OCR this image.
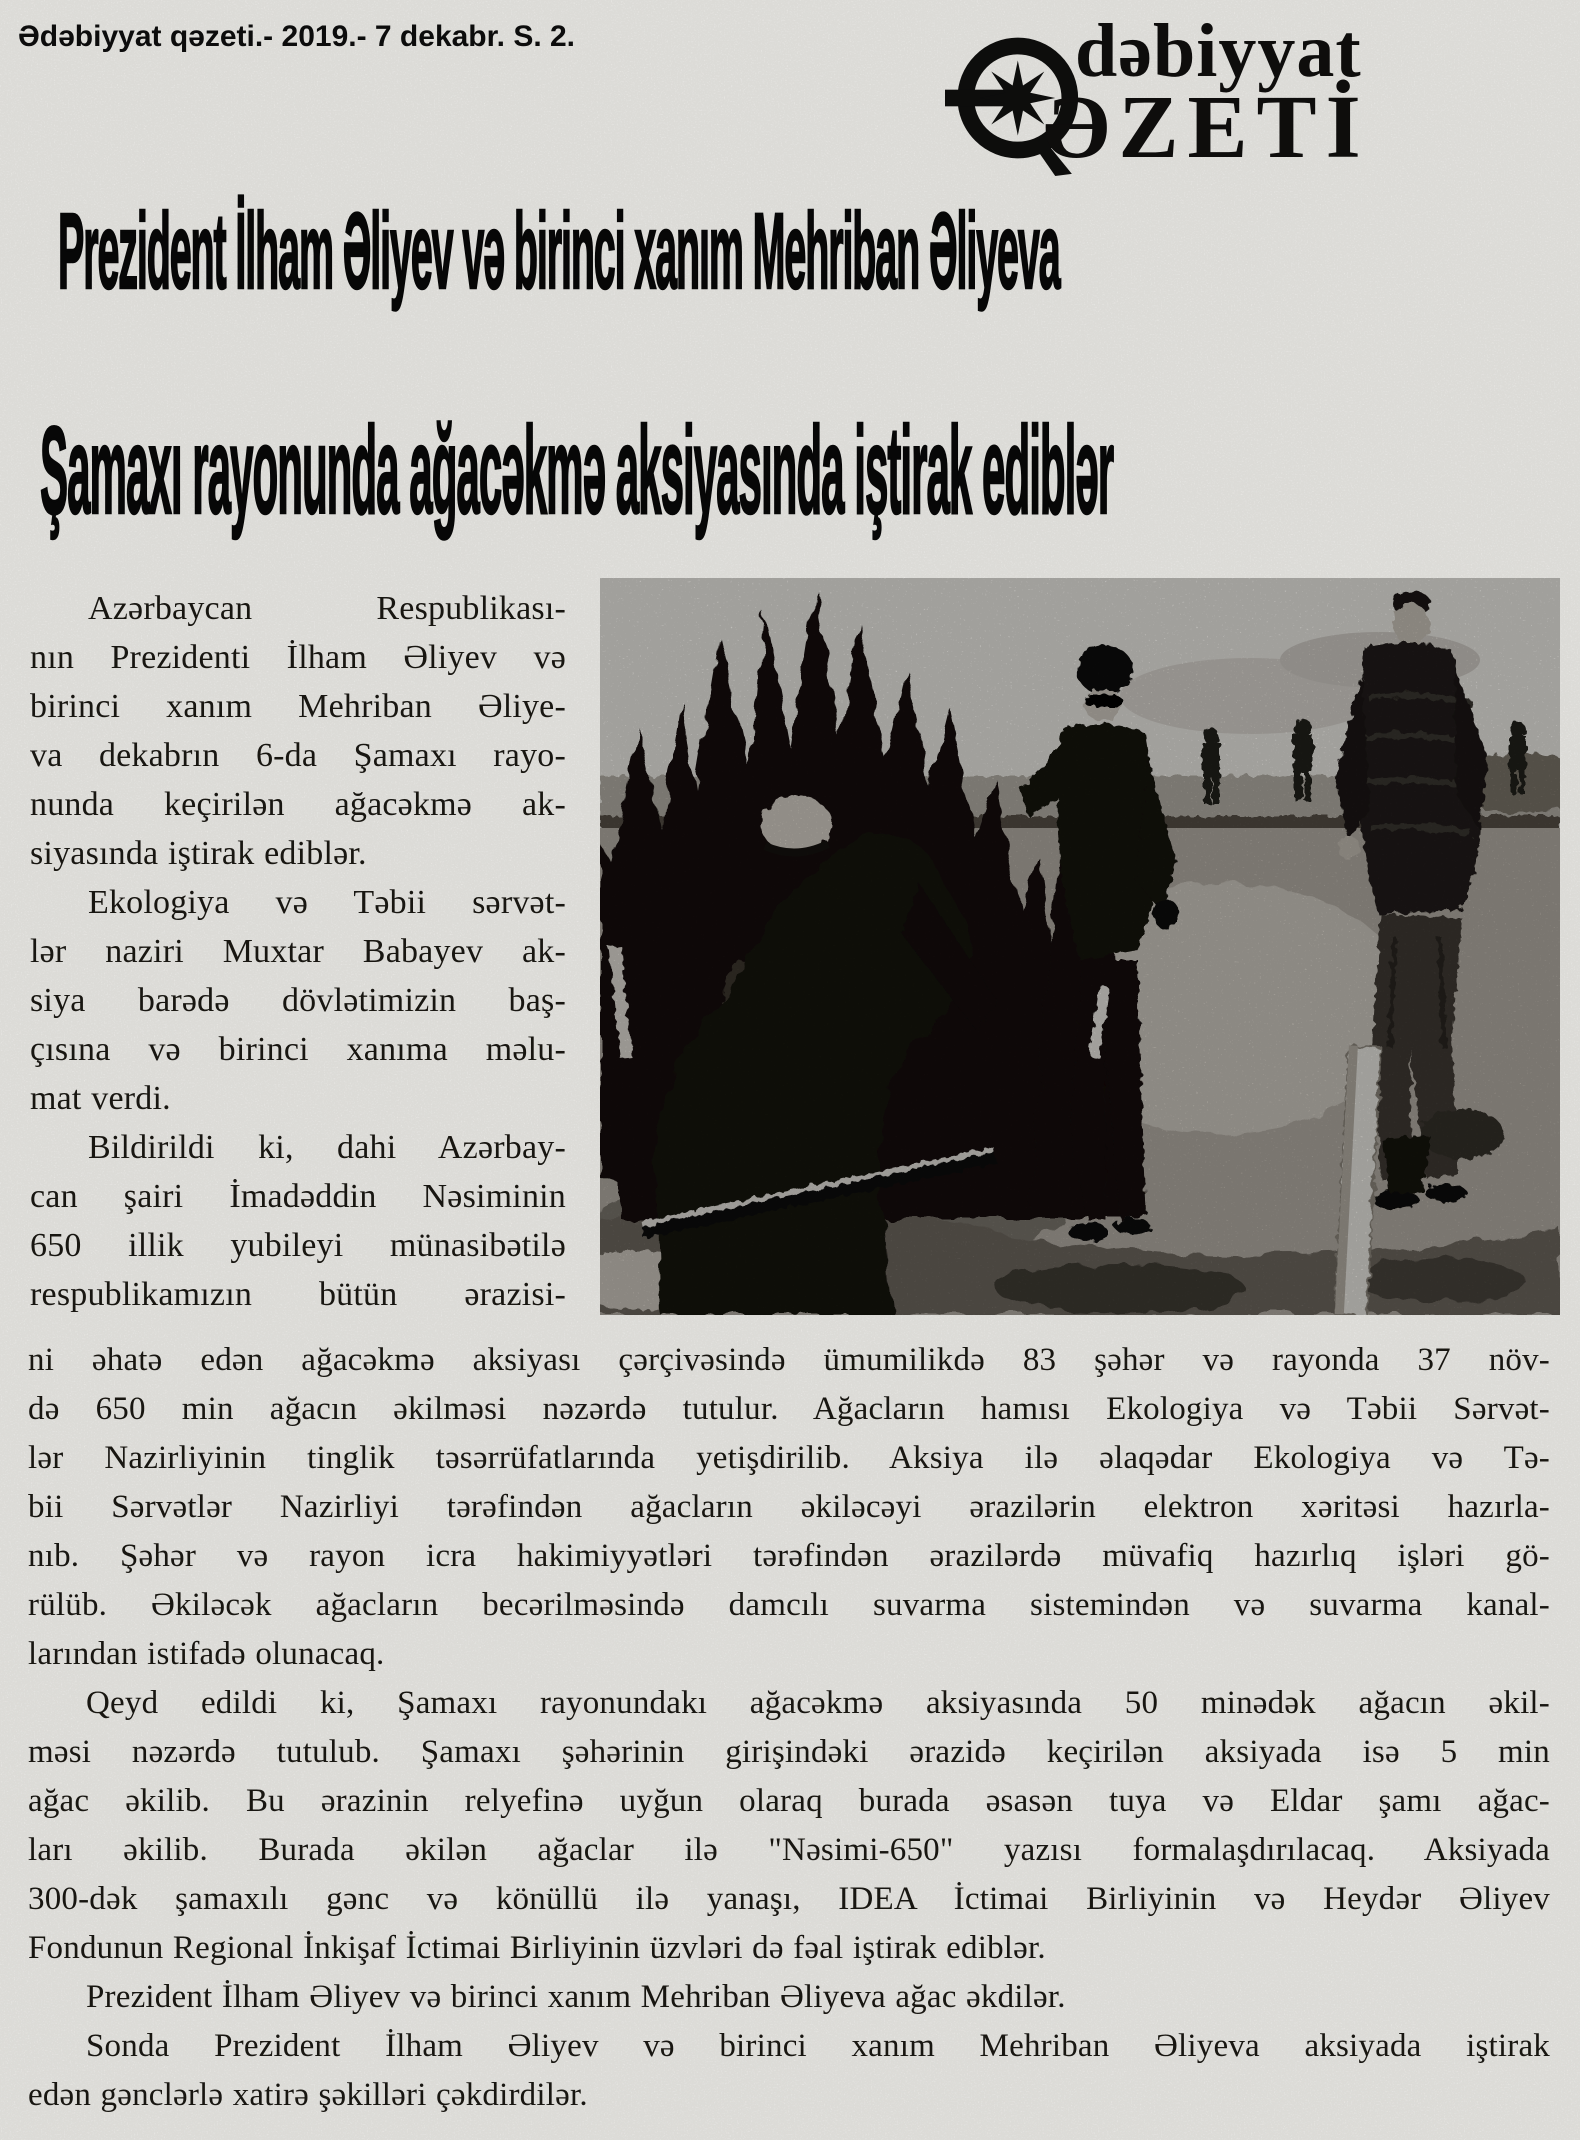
Ədəbiyyat qəzeti.- 2019.- 7 dekabr. S. 2.	dəbiyyat
ƏZETİ
Prezident İlham Əliyev və birinci xanım Mehriban Əliyeva
Şamaxı rayonunda ağacəkmə aksiyasında iştirak ediblər
Azərbaycan Respublikası-
nın Prezidenti İlham Əliyev və
birinci xanım Mehriban Əliye-
va dekabrın 6-da Şamaxı rayo-
nunda keçirilən ağacəkmə ak-
siyasında iştirak ediblər.
Ekologiya və Təbii sərvət-
lər naziri Muxtar Babayev ak-
siya barədə dövlətimizin baş-
çısına və birinci xanıma məlu-
mat verdi.
Bildirildi ki, dahi Azərbay-
can şairi İmadəddin Nəsiminin
650 illik yubileyi münasibətilə
respublikamızın bütün ərazisi-
ni əhatə edən ağacəkmə aksiyası çərçivəsində ümumilikdə 83 şəhər və rayonda 37 növ-
də 650 min ağacın əkilməsi nəzərdə tutulur. Ağacların hamısı Ekologiya və Təbii Sərvət-
lər Nazirliyinin tinglik təsərrüfatlarında yetişdirilib. Aksiya ilə əlaqədar Ekologiya və Tə-
bii Sərvətlər Nazirliyi tərəfindən ağacların əkiləcəyi ərazilərin elektron xəritəsi hazırla-
nıb. Şəhər və rayon icra hakimiyyətləri tərəfindən ərazilərdə müvafiq hazırlıq işləri gö-
rülüb. Əkiləcək ağacların becərilməsində damcılı suvarma sistemindən və suvarma kanal-
larından istifadə olunacaq.
Qeyd edildi ki, Şamaxı rayonundakı ağacəkmə aksiyasında 50 minədək ağacın əkil-
məsi nəzərdə tutulub. Şamaxı şəhərinin girişindəki ərazidə keçirilən aksiyada isə 5 min
ağac əkilib. Bu ərazinin relyefinə uyğun olaraq burada əsasən tuya və Eldar şamı ağac-
ları əkilib. Burada əkilən ağaclar ilə "Nəsimi-650" yazısı formalaşdırılacaq. Aksiyada
300-dək şamaxılı gənc və könüllü ilə yanaşı, IDEA İctimai Birliyinin və Heydər Əliyev
Fondunun Regional İnkişaf İctimai Birliyinin üzvləri də fəal iştirak ediblər.
Prezident İlham Əliyev və birinci xanım Mehriban Əliyeva ağac əkdilər.
Sonda Prezident İlham Əliyev və birinci xanım Mehriban Əliyeva aksiyada iştirak
edən gənclərlə xatirə şəkilləri çəkdirdilər.
